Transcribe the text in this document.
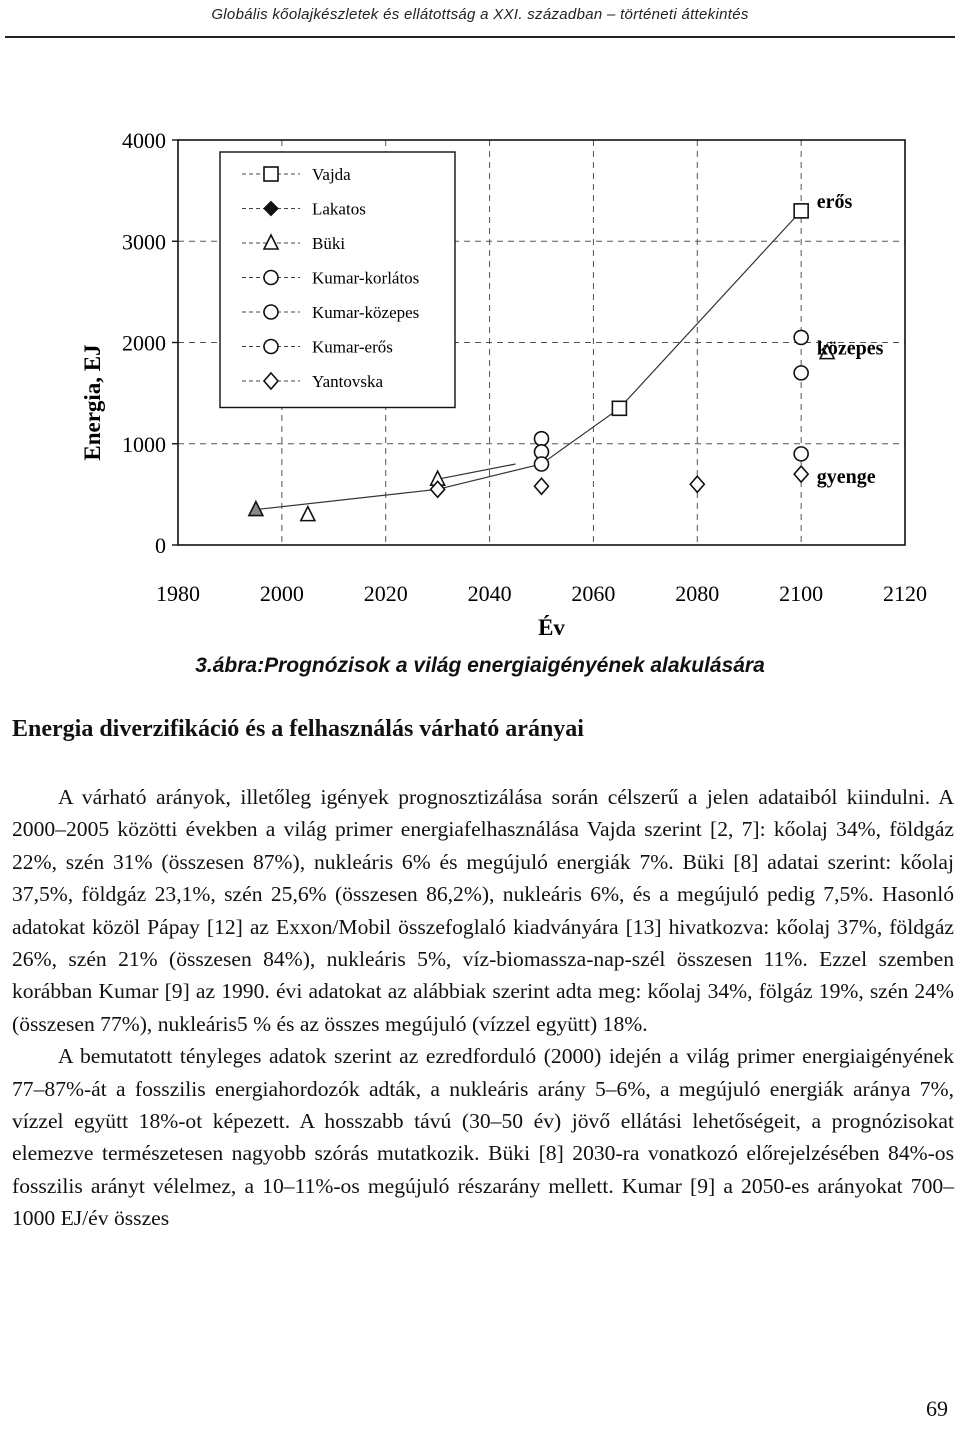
Globális kőolajkészletek és ellátottság a XXI. században – történeti áttekintés
0
1000
2000
3000
4000
1980	2000	2020	2040	2060	2080	2100	2120
Év
Energia, EJ
erős
közepes
gyenge
Vajda
Lakatos
Büki
Kumar-korlátos
Kumar-közepes
Kumar-erős
Yantovska
3.ábra:Prognózisok a világ energiaigényének alakulására
Energia diverzifikáció és a felhasználás várható arányai

A várható arányok, illetőleg igények prognosztizálása során célszerű a jelen adataiból kiindulni. A 2000–2005 közötti években a világ primer energiafelhasználása Vajda szerint [2, 7]: kőolaj 34%, földgáz 22%, szén 31% (összesen 87%), nukleáris 6% és megújuló energiák 7%. Büki [8] adatai szerint: kőolaj 37,5%, földgáz 23,1%, szén 25,6% (összesen 86,2%), nukleáris 6%, és a megújuló pedig 7,5%. Hasonló adatokat közöl Pápay [12] az Exxon/Mobil összefoglaló kiadványára [13] hivatkozva: kőolaj 37%, földgáz 26%, szén 21% (összesen 84%), nukleáris 5%, víz-biomassza-nap-szél összesen 11%. Ezzel szemben korábban Kumar [9] az 1990. évi adatokat az alábbiak szerint adta meg: kőolaj 34%, fölgáz 19%, szén 24% (összesen 77%), nukleáris5 % és az összes megújuló (vízzel együtt) 18%.

A bemutatott tényleges adatok szerint az ezredforduló (2000) idején a világ primer energiaigényének 77–87%-át a fosszilis energiahordozók adták, a nukleáris arány 5–6%, a megújuló energiák aránya 7%, vízzel együtt 18%-ot képezett. A hosszabb távú (30–50 év) jövő ellátási lehetőségeit, a prognózisokat elemezve természetesen nagyobb szórás mutatkozik. Büki [8] 2030-ra vonatkozó előrejelzésében 84%-os fosszilis arányt vélelmez, a 10–11%-os megújuló részarány mellett. Kumar [9] a 2050-es arányokat 700–1000 EJ/év összes

69
